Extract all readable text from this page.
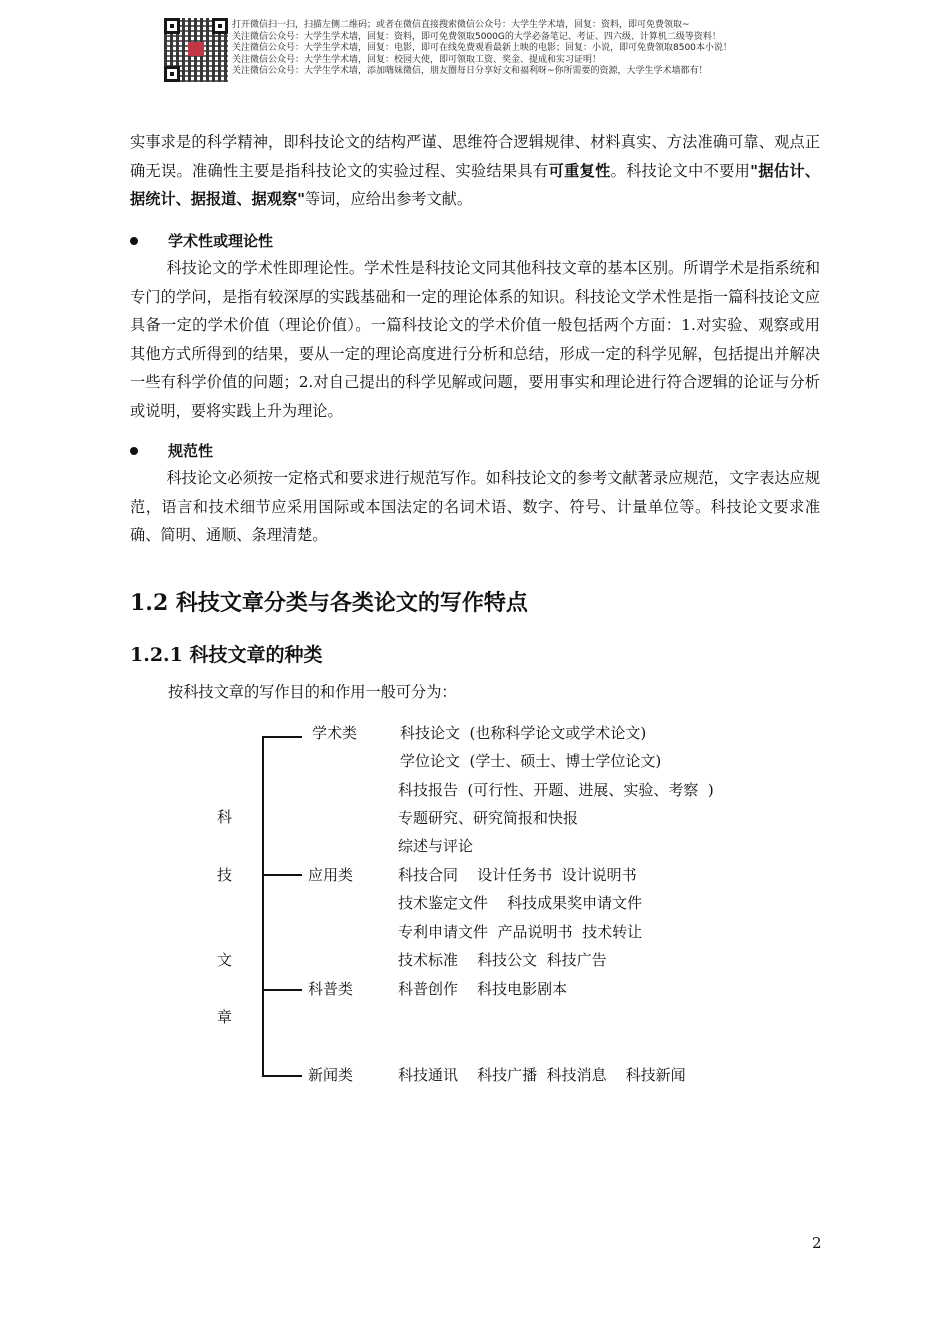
打开微信扫一扫，扫描左侧二维码；或者在微信直接搜索微信公众号：大学生学术墙，回复：资料，即可免费领取~
关注微信公众号：大学生学术墙，回复：资料，即可免费领取5000G的大学必备笔记、考证、四六级、计算机二级等资料！
关注微信公众号：大学生学术墙，回复：电影，即可在线免费观看最新上映的电影；回复：小说，即可免费领取8500本小说！
关注微信公众号：大学生学术墙，回复：校园大使，即可领取工资、奖金、提成和实习证明！
关注微信公众号：大学生学术墙，添加嗨妹微信，朋友圈每日分享好文和福利呀~你所需要的资源，大学生学术墙都有！

实事求是的科学精神，即科技论文的结构严谨、思维符合逻辑规律、材料真实、方法准确可靠、观点正确无误。准确性主要是指科技论文的实验过程、实验结果具有可重复性。科技论文中不要用"据估计、据统计、据报道、据观察"等词，应给出参考文献。

学术性或理论性

科技论文的学术性即理论性。学术性是科技论文同其他科技文章的基本区别。所谓学术是指系统和专门的学问，是指有较深厚的实践基础和一定的理论体系的知识。科技论文学术性是指一篇科技论文应具备一定的学术价值（理论价值）。一篇科技论文的学术价值一般包括两个方面：1.对实验、观察或用其他方式所得到的结果，要从一定的理论高度进行分析和总结，形成一定的科学见解，包括提出并解决一些有科学价值的问题；2.对自己提出的科学见解或问题，要用事实和理论进行符合逻辑的论证与分析或说明，要将实践上升为理论。

规范性

科技论文必须按一定格式和要求进行规范写作。如科技论文的参考文献著录应规范，文字表达应规范，语言和技术细节应采用国际或本国法定的名词术语、数字、符号、计量单位等。科技论文要求准确、简明、通顺、条理清楚。

1.2 科技文章分类与各类论文的写作特点
1.2.1 科技文章的种类
按科技文章的写作目的和作用一般可分为：
科
技
文
章
学术类
应用类
科普类
新闻类
科技论文  (也称科学论文或学术论文)
学位论文  (学士、硕士、博士学位论文)
科技报告  (可行性、开题、进展、实验、考察  )
专题研究、研究简报和快报
综述与评论
科技合同    设计任务书  设计说明书
技术鉴定文件    科技成果奖申请文件
专利申请文件  产品说明书  技术转让
技术标准    科技公文  科技广告
科普创作    科技电影剧本
科技通讯    科技广播  科技消息    科技新闻
2
